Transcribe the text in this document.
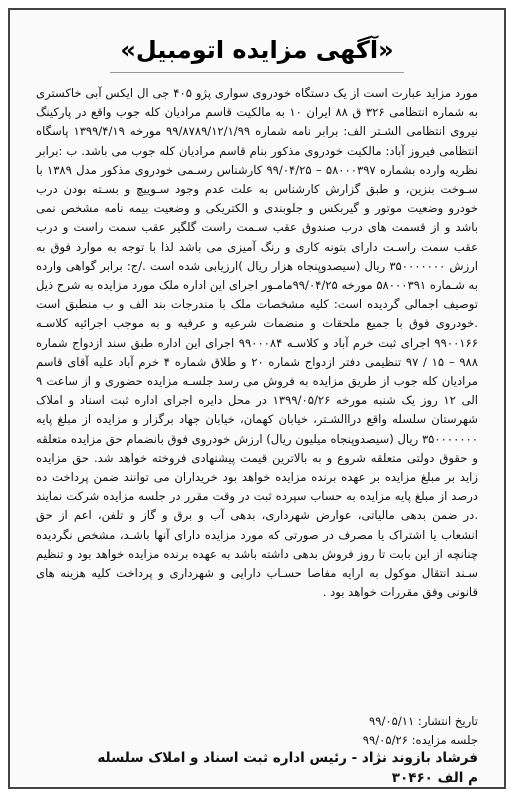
«آگهی مزایده اتومبیل»
مورد مزاید عبارت است از یک دستگاه خودروی سواری پژو ۴۰۵ جی ال ایکس آبی خاکستری به شماره انتظامی ۳۲۶ ق ۸۸ ایران ۱۰ به مالکیت قاسم مرادیان کله جوب واقع در پارکینگ نیروی انتظامی الشـتر الف: برابر نامه شماره ۹۹/۸۷۸۹/۱۲/۱/۹۹ مورخه ۱۳۹۹/۴/۱۹ پاسگاه انتظامی فیروز آباد: مالکیت خودروی مذکور بنام قاسم مرادیان کله جوب می باشد. ب :برابر نظریه وارده بشماره ۵۸۰۰۰۳۹۷ – ۹۹/۰۴/۲۵ کارشناس رسـمی خودروی مذکور مدل ۱۳۸۹ با سـوخت بنزین، و طبق گزارش کارشناس به علت عدم وجود سـوییچ و بسـته بودن درب خودرو وضعیت موتور و گیربکس و جلوبندی و الکتریکی و وضعیت بیمه نامه مشخص نمی باشد و از قسمت های درب صندوق عقب سـمت راست گلگیر عقب سمت راست و درب عقب سمت راسـت دارای بتونه کاری و رنگ آمیزی می باشد لذا با توجه به موارد فوق به ارزش ۳۵۰۰۰۰۰۰۰ ریال (سیصدوپنجاه هزار ریال )ارزیابی شده است ./ج: برابر گواهی وارده به شـماره ۵۸۰۰۰۳۹۱ مورخه ۹۹/۰۴/۲۵مامـور اجرای این اداره ملک مورد مزایده به شرح ذیل توصیف اجمالی گردیده است: کلیه مشخصات ملک با مندرجات بند الف و ب منطبق است .خودروی فوق با جمیع ملحقات و منضمات شرعیه و عرفیه و به موجب اجرائیه کلاسـه ۹۹۰۰۱۶۶ اجرای ثبت خرم آباد و کلاسـه ۹۹۰۰۰۸۴ اجرای این اداره طبق سند ازدواج شماره ۹۸۸ – ۱۵ / ۹۷ تنظیمی دفتر ازدواج شماره ۲۰ و طلاق شماره ۴ خرم آباد علیه آقای قاسم مرادیان کله جوب از طریق مزایده به فروش می رسد جلسـه مزایده حضوری و از ساعت ۹ الی ۱۲ روز یک شنبه مورخه ۱۳۹۹/۰۵/۲۶ در محل دایره اجرای اداره ثبت اسناد و املاک شهرستان سلسله واقع دراالشـتر، خیابان کهمان، خیابان جهاد برگزار و مزایده از مبلغ پایه ۳۵۰۰۰۰۰۰۰ ریال (سیصدوپنجاه میلیون ریال) ارزش خودروی فوق بانضمام حق مزایده متعلقه و حقوق دولتی متعلقه شروع و به بالاترین قیمت پیشنهادی فروخته خواهد شد. حق مزایده زاید بر مبلغ مزایده بر عهده برنده مزایده خواهد بود خریداران می توانند ضمن پرداخت ده درصد از مبلغ پایه مزایده به حساب سپرده ثبت در وقت مقرر در جلسه مزایده شرکت نمایند .در ضمن بدهی مالیاتی، عوارض شهرداری، بدهی آب و برق و گاز و تلفن، اعم از حق انشعاب یا اشتراک یا مصرف در صورتی که مورد مزایده دارای آنها باشـد، مشخص نگردیده چنانچه از این بابت تا روز فروش بدهی داشته باشد به عهده برنده مزایده خواهد بود و تنظیم سـند انتقال موکول به ارایه مفاصا حسـاب دارایی و شهرداری و پرداخت کلیه هزینه های قانونی وفق مقررات خواهد بود .
تاریخ انتشار: ۹۹/۰۵/۱۱
جلسه مزایده: ۹۹/۰۵/۲۶
فرشاد بازوند نژاد - رئیس اداره ثبت اسناد و املاک سلسله
م الف ۳۰۴۶۰
